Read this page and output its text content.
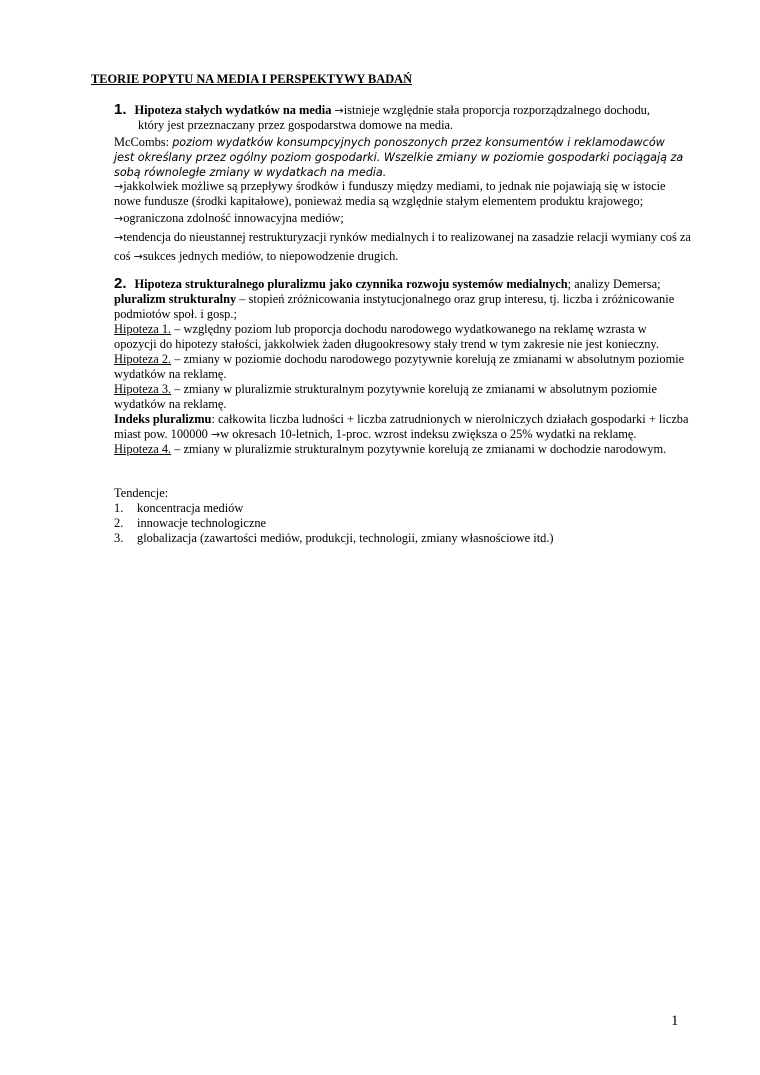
TEORIE POPYTU NA MEDIA I PERSPEKTYWY BADAŃ

1. Hipoteza stałych wydatków na media →istnieje względnie stała proporcja rozporządzalnego dochodu,

który jest przeznaczany przez gospodarstwa domowe na media.

McCombs: poziom wydatków konsumpcyjnych ponoszonych przez konsumentów i reklamodawców jest określany przez ogólny poziom gospodarki. Wszelkie zmiany w poziomie gospodarki pociągają za sobą równoległe zmiany w wydatkach na media.

→jakkolwiek możliwe są przepływy środków i funduszy między mediami, to jednak nie pojawiają się w istocie nowe fundusze (środki kapitałowe), ponieważ media są względnie stałym elementem produktu krajowego;

→ograniczona zdolność innowacyjna mediów;

→tendencja do nieustannej restrukturyzacji rynków medialnych i to realizowanej na zasadzie relacji wymiany coś za coś →sukces jednych mediów, to niepowodzenie drugich.

2. Hipoteza strukturalnego pluralizmu jako czynnika rozwoju systemów medialnych; analizy Demersa;

pluralizm strukturalny – stopień zróżnicowania instytucjonalnego oraz grup interesu, tj. liczba i zróżnicowanie podmiotów społ. i gosp.;

Hipoteza 1. – względny poziom lub proporcja dochodu narodowego wydatkowanego na reklamę wzrasta w opozycji do hipotezy stałości, jakkolwiek żaden długookresowy stały trend w tym zakresie nie jest konieczny.

Hipoteza 2. – zmiany w poziomie dochodu narodowego pozytywnie korelują ze zmianami w absolutnym poziomie wydatków na reklamę.

Hipoteza 3. – zmiany w pluralizmie strukturalnym pozytywnie korelują ze zmianami w absolutnym poziomie wydatków na reklamę.

Indeks pluralizmu: całkowita liczba ludności + liczba zatrudnionych w nierolniczych działach gospodarki + liczba miast pow. 100000 →w okresach 10-letnich, 1-proc. wzrost indeksu zwiększa o 25% wydatki na reklamę.

Hipoteza 4. – zmiany w pluralizmie strukturalnym pozytywnie korelują ze zmianami w dochodzie narodowym.

Tendencje:

1.	koncentracja mediów
2.	innowacje technologiczne
3.	globalizacja (zawartości mediów, produkcji, technologii, zmiany własnościowe itd.)
1
